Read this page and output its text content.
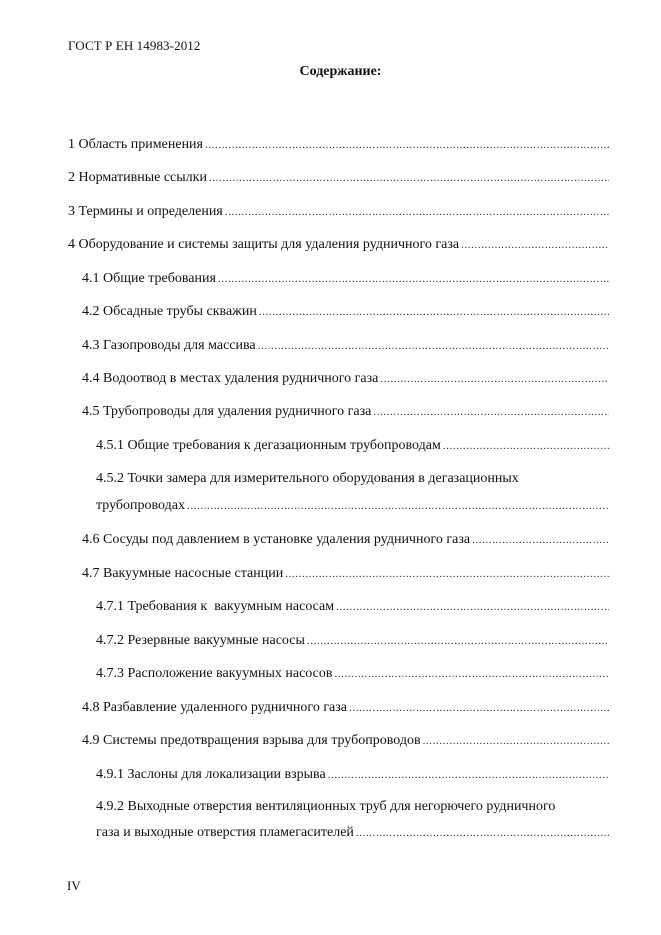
ГОСТ Р ЕН 14983-2012
Содержание:
1 Область применения
.....
2 Нормативные ссылки
.....
3 Термины и определения
.....
4 Оборудование и системы защиты для удаления рудничного газа
.....
4.1 Общие требования
.....
4.2 Обсадные трубы скважин
.....
4.3 Газопроводы для массива
.....
4.4 Водоотвод в местах удаления рудничного газа
.....
4.5 Трубопроводы для удаления рудничного газа
.....
4.5.1 Общие требования к дегазационным трубопроводам
.....
4.5.2 Точки замера для измерительного оборудования в дегазационных
трубопроводах
.....
4.6 Сосуды под давлением в установке удаления рудничного газа
.....
4.7 Вакуумные насосные станции
.....
4.7.1 Требования к  вакуумным насосам
.....
4.7.2 Резервные вакуумные насосы
.....
4.7.3 Расположение вакуумных насосов
.....
4.8 Разбавление удаленного рудничного газа
.....
4.9 Системы предотвращения взрыва для трубопроводов
.....
4.9.1 Заслоны для локализации взрыва
.....
4.9.2 Выходные отверстия вентиляционных труб для негорючего рудничного
газа и выходные отверстия пламегасителей
.....
IV
